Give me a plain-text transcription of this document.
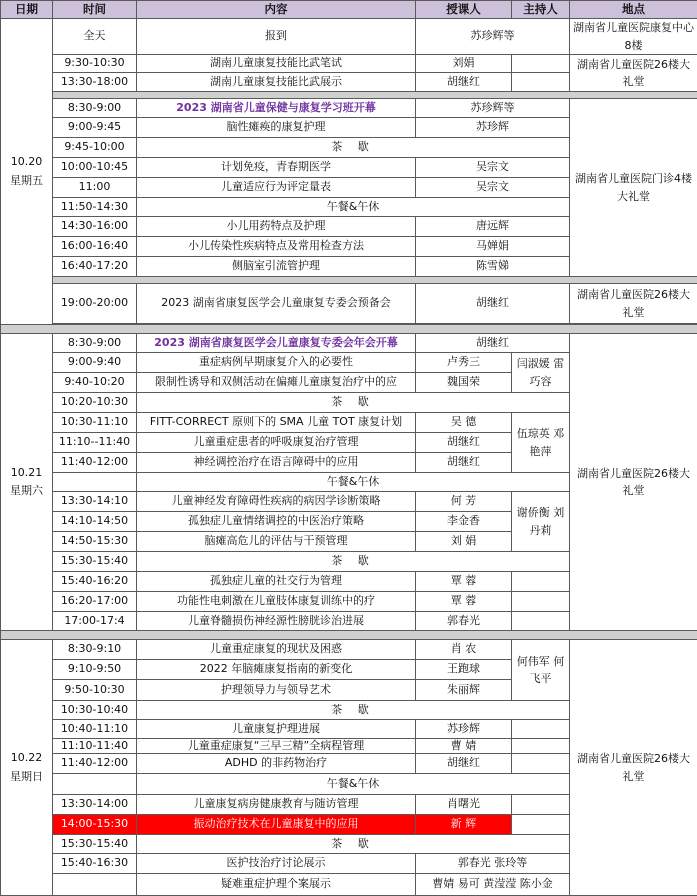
日期	时间	内容	授课人	主持人	地点
10.20
星期五	全天	报到	苏珍辉等		湖南省儿童医院康复中心8楼
	9:30-10:30	湖南儿童康复技能比武笔试	刘娟		湖南省儿童医院26楼大礼堂
	13:30-18:00	湖南儿童康复技能比武展示	胡继红		

	8:30-9:00	2023 湖南省儿童保健与康复学习班开幕	苏珍辉等		湖南省儿童医院门诊4楼大礼堂
	9:00-9:45	脑性瘫痪的康复护理	苏珍辉		
	9:45-10:00	茶 歇			
	10:00-10:45	计划免疫，青春期医学	吴宗文		
	11:00	儿童适应行为评定量表	吴宗文		
	11:50-14:30	午餐&午休			
	14:30-16:00	小儿用药特点及护理	唐远辉		
	16:00-16:40	小儿传染性疾病特点及常用检查方法	马婵娟		
	16:40-17:20	侧脑室引流管护理	陈雪娣		

	19:00-20:00	2023 湖南省康复医学会儿童康复专委会预备会	胡继红		湖南省儿童医院26楼大礼堂

10.21
星期六	8:30-9:00	2023 湖南省康复医学会儿童康复专委会年会开幕	胡继红		湖南省儿童医院26楼大礼堂
	9:00-9:40	重症病例早期康复介入的必要性	卢秀三	闫淑媛 雷巧容	
	9:40-10:20	限制性诱导和双侧活动在偏瘫儿童康复治疗中的应	魏国荣		
	10:20-10:30	茶 歇			
	10:30-11:10	FITT-CORRECT 原则下的 SMA 儿童 TOT 康复计划	吴 德	伍琼英 邓艳萍	
	11:10--11:40	儿童重症患者的呼吸康复治疗管理	胡继红		
	11:40-12:00	神经调控治疗在语言障碍中的应用	胡继红		
		午餐&午休			
	13:30-14:10	儿童神经发育障碍性疾病的病因学诊断策略	何 芳	谢侨衡 刘丹莉	
	14:10-14:50	孤独症儿童情绪调控的中医治疗策略	李金香		
	14:50-15:30	脑瘫高危儿的评估与干预管理	刘 娟		
	15:30-15:40	茶 歇			
	15:40-16:20	孤独症儿童的社交行为管理	覃 蓉		
	16:20-17:00	功能性电刺激在儿童肢体康复训练中的疗	覃 蓉		
	17:00-17:4	儿童脊髓损伤神经源性膀胱诊治进展	郭春光		

10.22
星期日	8:30-9:10	儿童重症康复的现状及困惑	肖 农	何伟军 何飞平	湖南省儿童医院26楼大礼堂
	9:10-9:50	2022 年脑瘫康复指南的新变化	王跑球		
	9:50-10:30	护理领导力与领导艺术	朱丽辉		
	10:30-10:40	茶 歇			
	10:40-11:10	儿童康复护理进展	苏珍辉		
	11:10-11:40	儿童重症康复“三早三精”全病程管理	曹 婧		
	11:40-12:00	ADHD 的非药物治疗	胡继红		
		午餐&午休			
	13:30-14:00	儿童康复病房健康教育与随访管理	肖曙光		
	14:00-15:30	振动治疗技术在儿童康复中的应用	新 辉		
	15:30-15:40	茶 歇			
	15:40-16:30	医护技治疗讨论展示	郭春光 张玲等		
		疑难重症护理个案展示	曹婧 易可 黄滢滢 陈小金		
